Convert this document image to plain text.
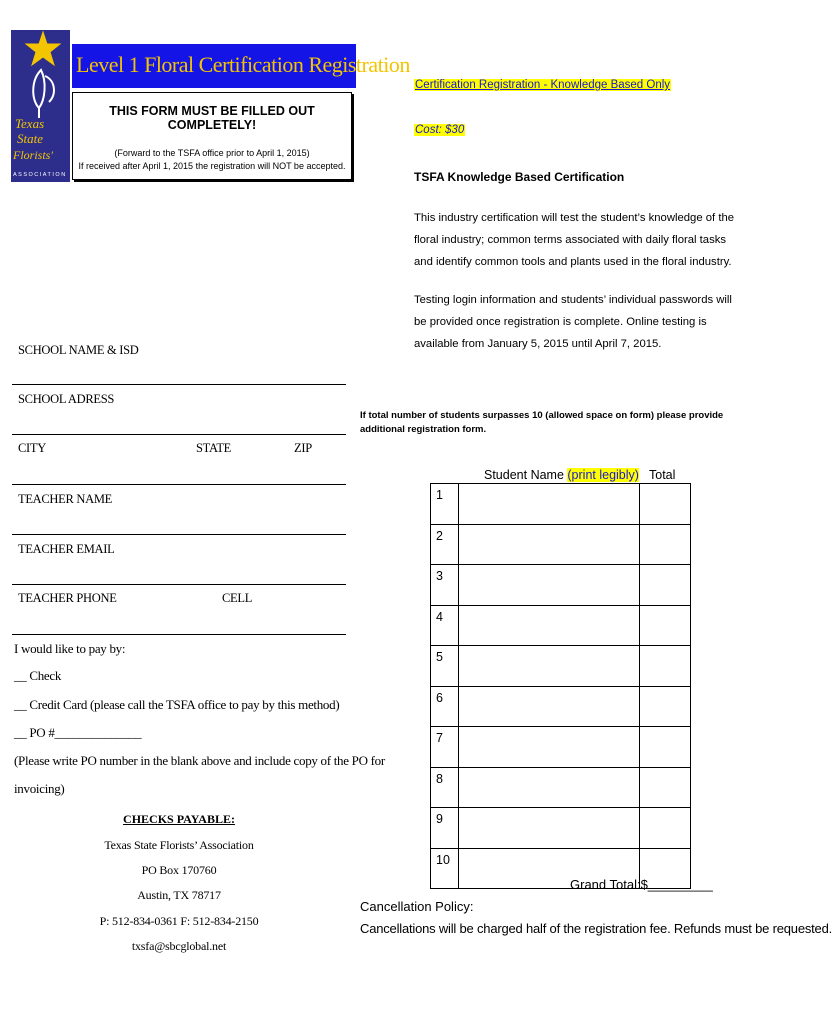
Texas
State
Florists'
ASSOCIATION
Level 1 Floral Certification Registration
THIS FORM MUST BE FILLED OUT COMPLETELY!
(Forward to the TSFA office prior to April 1, 2015)
If received after April 1, 2015 the registration will NOT be accepted.
Certification Registration - Knowledge Based Only
Cost: $30
TSFA Knowledge Based Certification
This industry certification will test the student’s knowledge of the floral industry; common terms associated with daily floral tasks and identify common tools and plants used in the floral industry.
Testing login information and students’ individual passwords will be provided once registration is complete. Online testing is available from January 5, 2015 until April 7, 2015.
SCHOOL NAME & ISD
SCHOOL ADRESS
CITY	STATE	ZIP
TEACHER NAME
TEACHER EMAIL
TEACHER PHONE	CELL
I would like to pay by:
__ Check
__ Credit Card (please call the TSFA office to pay by this method)
__ PO #______________
(Please write PO number in the blank above and include copy of the PO for
invoicing)
CHECKS PAYABLE:
Texas State Florists’ Association
PO Box 170760
Austin, TX 78717
P: 512-834-0361 F: 512-834-2150
txsfa@sbcglobal.net
If total number of students surpasses 10 (allowed space on form) please provide additional registration form.
Student Name (print legibly) Total
1		
2		
3		
4		
5		
6		
7		
8		
9		
10		
Grand Total:$_________
Cancellation Policy:
Cancellations will be charged half of the registration fee. Refunds must be requested.
